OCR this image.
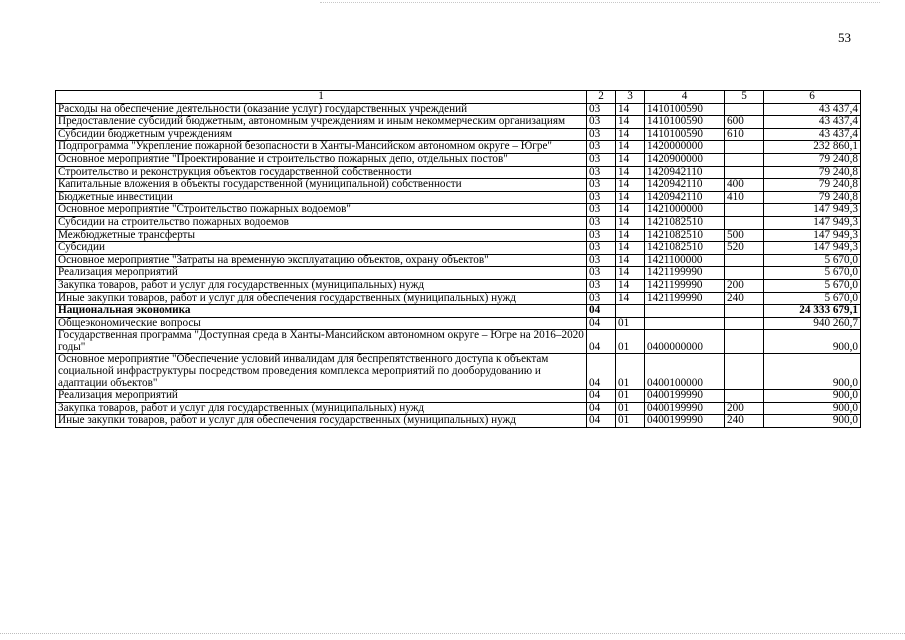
53
1	2	3	4	5	6
Расходы на обеспечение деятельности (оказание услуг) государственных учреждений	03	14	1410100590		43 437,4
Предоставление субсидий бюджетным, автономным учреждениям и иным некоммерческим организациям	03	14	1410100590	600	43 437,4
Субсидии бюджетным учреждениям	03	14	1410100590	610	43 437,4
Подпрограмма "Укрепление пожарной безопасности в Ханты-Мансийском автономном округе – Югре"	03	14	1420000000		232 860,1
Основное мероприятие "Проектирование и строительство пожарных депо, отдельных постов"	03	14	1420900000		79 240,8
Строительство и реконструкция объектов государственной собственности	03	14	1420942110		79 240,8
Капитальные вложения в объекты государственной (муниципальной) собственности	03	14	1420942110	400	79 240,8
Бюджетные инвестиции	03	14	1420942110	410	79 240,8
Основное мероприятие "Строительство пожарных водоемов"	03	14	1421000000		147 949,3
Субсидии на строительство пожарных водоемов	03	14	1421082510		147 949,3
Межбюджетные трансферты	03	14	1421082510	500	147 949,3
Субсидии	03	14	1421082510	520	147 949,3
Основное мероприятие "Затраты на временную эксплуатацию объектов, охрану объектов"	03	14	1421100000		5 670,0
Реализация мероприятий	03	14	1421199990		5 670,0
Закупка товаров, работ и услуг для государственных (муниципальных) нужд	03	14	1421199990	200	5 670,0
Иные закупки товаров, работ и услуг для обеспечения государственных (муниципальных) нужд	03	14	1421199990	240	5 670,0
Национальная экономика	04				24 333 679,1
Общеэкономические вопросы	04	01			940 260,7
Государственная программа "Доступная среда в Ханты-Мансийском автономном округе – Югре на 2016–2020 годы"	04	01	0400000000		900,0
Основное мероприятие "Обеспечение условий инвалидам для беспрепятственного доступа к объектам социальной инфраструктуры посредством проведения комплекса мероприятий по дооборудованию и адаптации объектов"	04	01	0400100000		900,0
Реализация мероприятий	04	01	0400199990		900,0
Закупка товаров, работ и услуг для государственных (муниципальных) нужд	04	01	0400199990	200	900,0
Иные закупки товаров, работ и услуг для обеспечения государственных (муниципальных) нужд	04	01	0400199990	240	900,0
